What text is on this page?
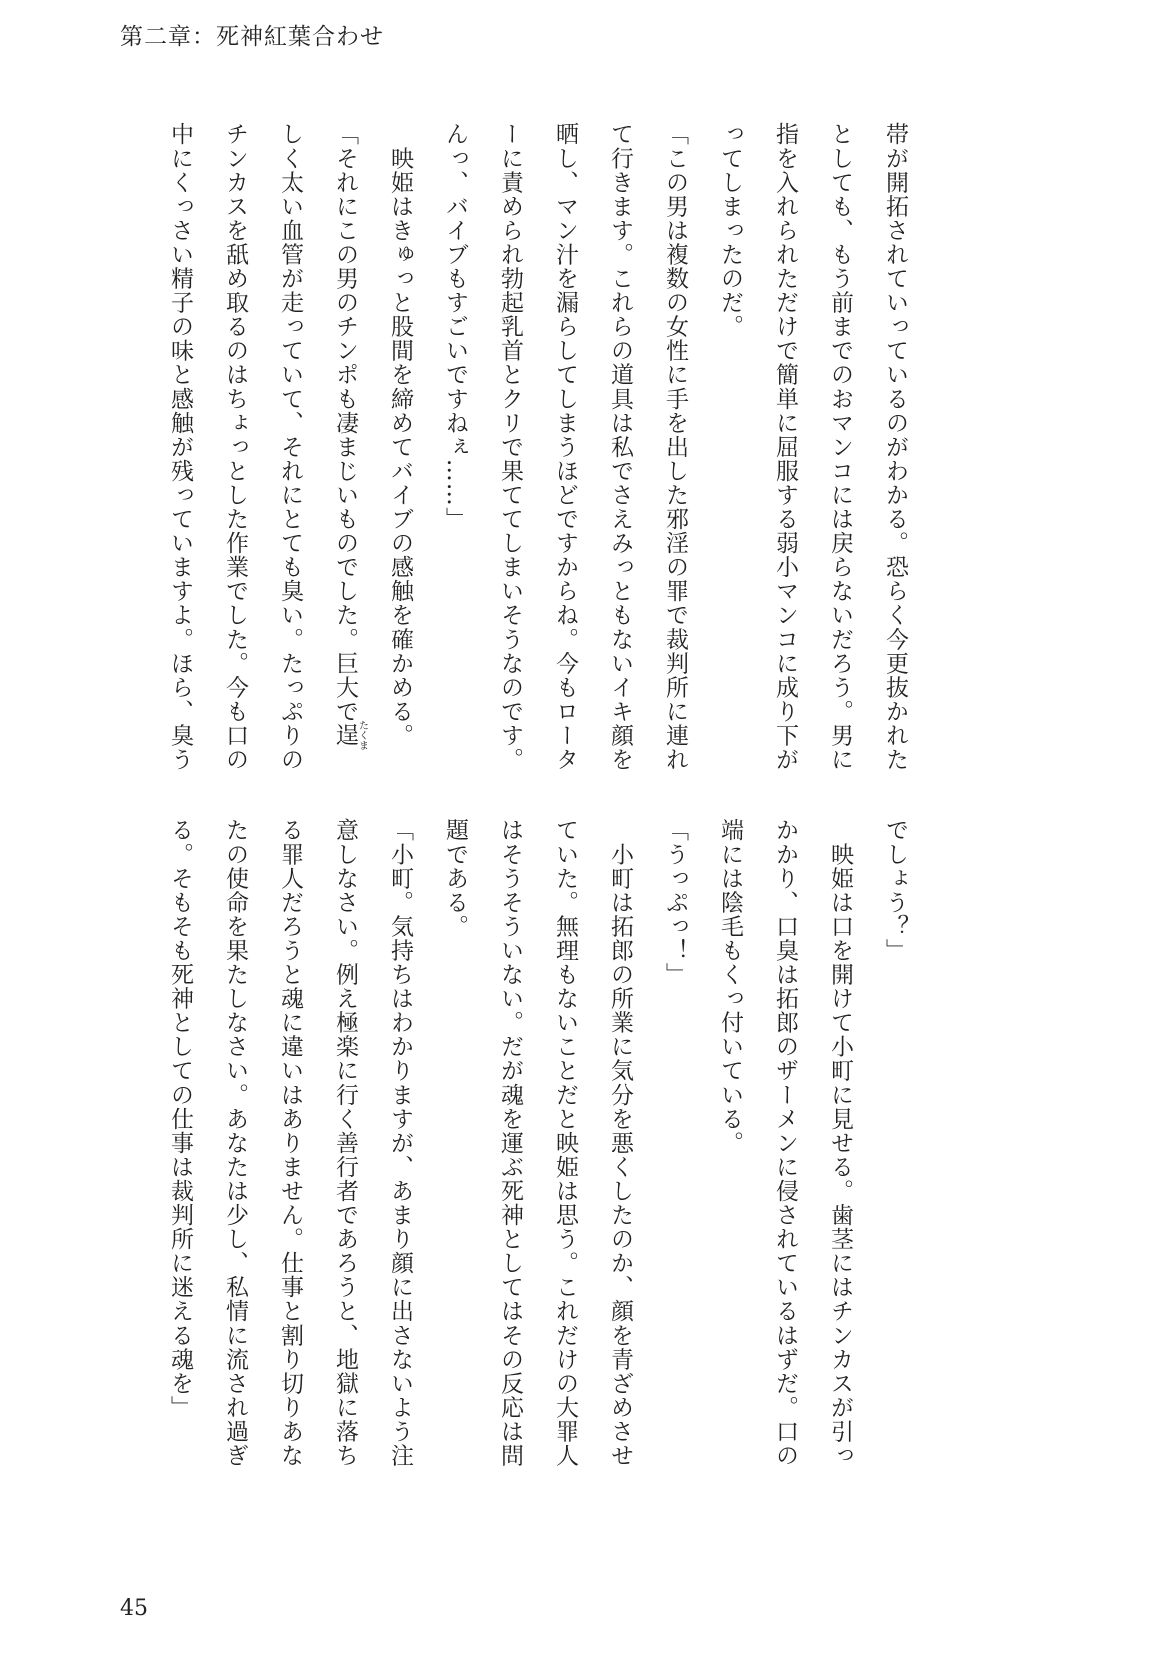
第二章：死神紅葉合わせ
帯が開拓されていっているのがわかる。恐らく今更抜かれた
としても、もう前までのおマンコには戻らないだろう。男に
指を入れられただけで簡単に屈服する弱小マンコに成り下が
ってしまったのだ。
「この男は複数の女性に手を出した邪淫の罪で裁判所に連れ
て行きます。これらの道具は私でさえみっともないイキ顔を
晒し、マン汁を漏らしてしまうほどですからね。今もロータ
ーに責められ勃起乳首とクリで果ててしまいそうなのです。
んっ、バイブもすごいですねぇ……」
　映姫はきゅっと股間を締めてバイブの感触を確かめる。
「それにこの男のチンポも凄まじいものでした。巨大で逞たくま
しく太い血管が走っていて、それにとても臭い。たっぷりの
チンカスを舐め取るのはちょっとした作業でした。今も口の
中にくっさい精子の味と感触が残っていますよ。ほら、臭う
でしょう？」
　映姫は口を開けて小町に見せる。歯茎にはチンカスが引っ
かかり、口臭は拓郎のザーメンに侵されているはずだ。口の
端には陰毛もくっ付いている。
「うっぷっ！」
　小町は拓郎の所業に気分を悪くしたのか、顔を青ざめさせ
ていた。無理もないことだと映姫は思う。これだけの大罪人
はそうそういない。だが魂を運ぶ死神としてはその反応は問
題である。
「小町。気持ちはわかりますが、あまり顔に出さないよう注
意しなさい。例え極楽に行く善行者であろうと、地獄に落ち
る罪人だろうと魂に違いはありません。仕事と割り切りあな
たの使命を果たしなさい。あなたは少し、私情に流され過ぎ
る。そもそも死神としての仕事は裁判所に迷える魂を」
45
